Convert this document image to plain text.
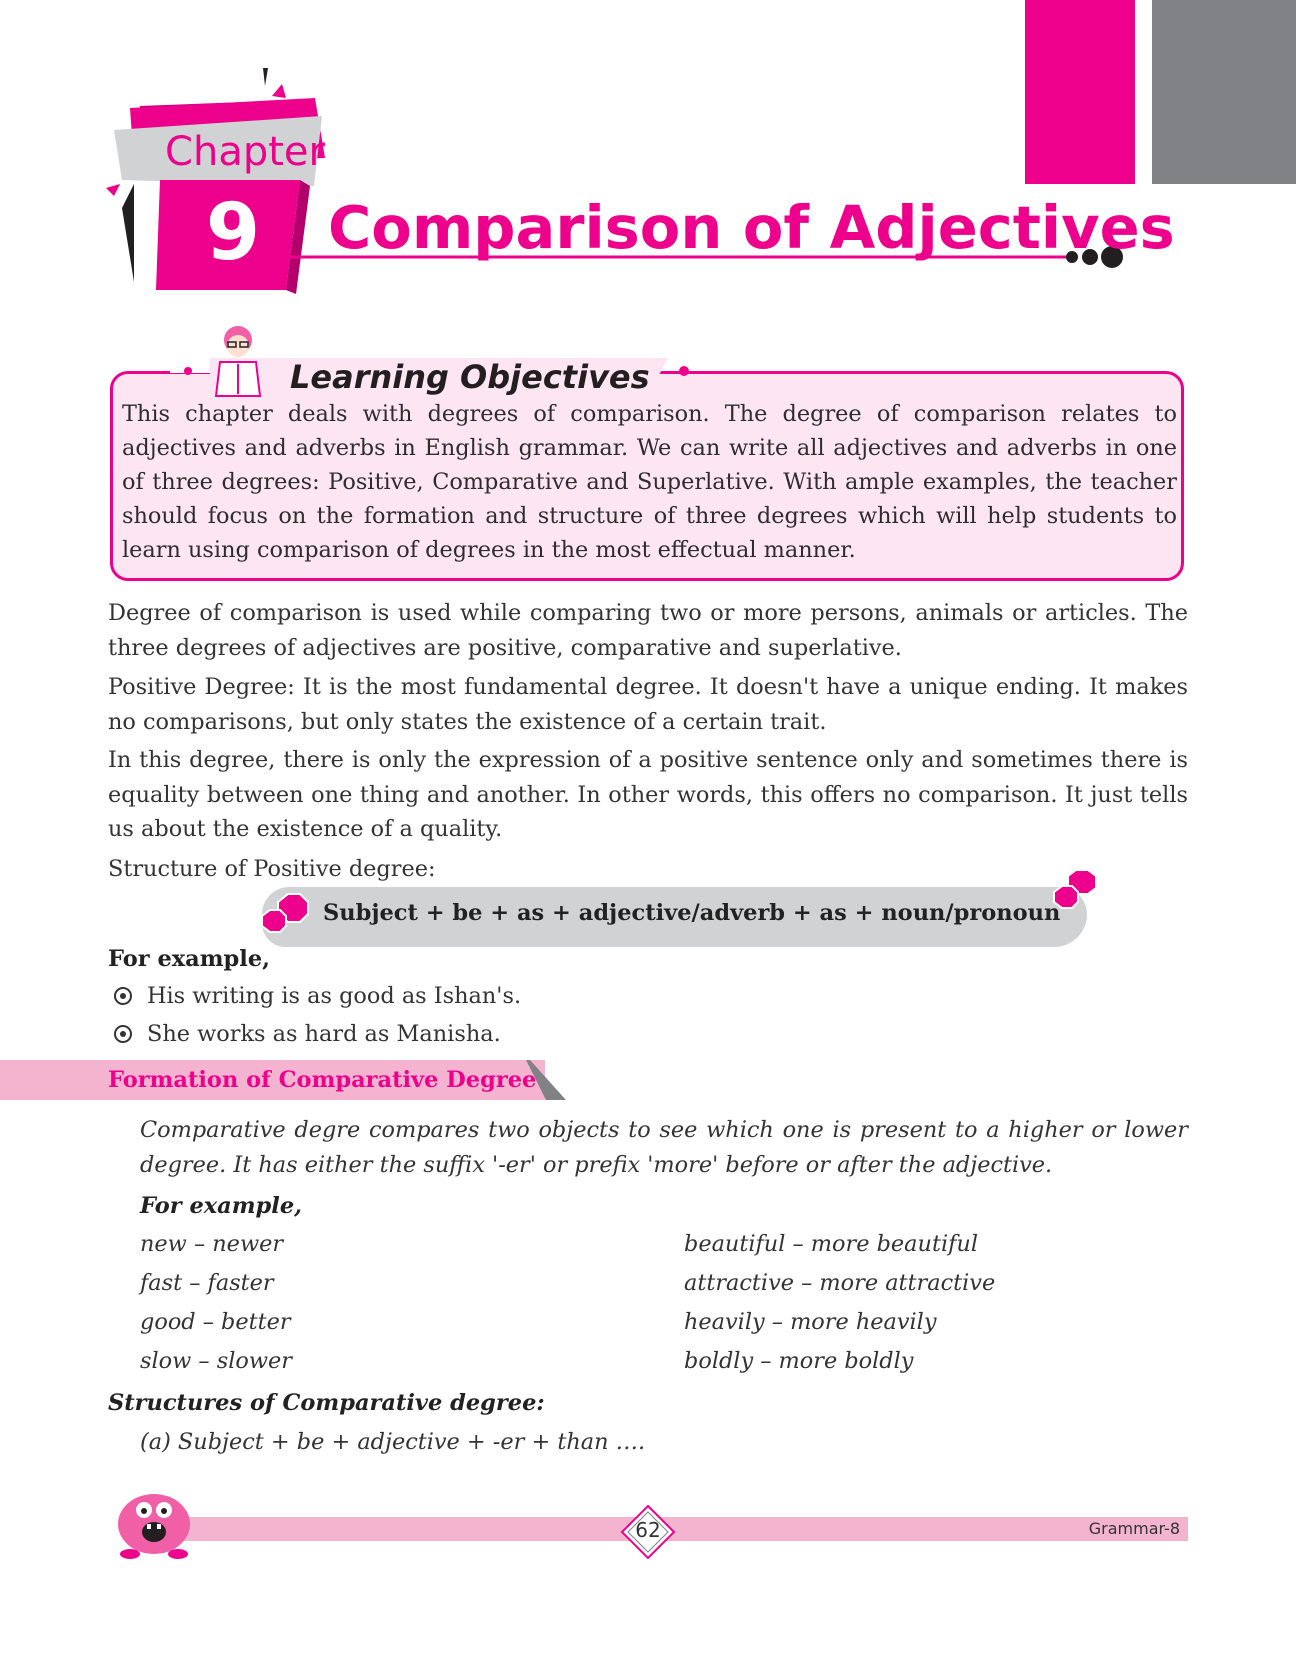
Chapter
9	Comparison of Adjectives
Learning Objectives

This chapter deals with degrees of comparison. The degree of comparison relates to adjectives and adverbs in English grammar. We can write all adjectives and adverbs in one of three degrees: Positive, Comparative and Superlative. With ample examples, the teacher should focus on the formation and structure of three degrees which will help students to learn using comparison of degrees in the most effectual manner.

Degree of comparison is used while comparing two or more persons, animals or articles. The three degrees of adjectives are positive, comparative and superlative.

Positive Degree: It is the most fundamental degree. It doesn't have a unique ending. It makes no comparisons, but only states the existence of a certain trait.

In this degree, there is only the expression of a positive sentence only and sometimes there is equality between one thing and another. In other words, this offers no comparison. It just tells us about the existence of a quality.

Structure of Positive degree:

Subject + be + as + adjective/adverb + as + noun/pronoun

For example,

His writing is as good as Ishan's.
She works as hard as Manisha.
Formation of Comparative Degree

Comparative degre compares two objects to see which one is present to a higher or lower degree. It has either the suffix '-er' or prefix 'more' before or after the adjective.

For example,

new – newer
fast – faster
good – better
slow – slower
beautiful – more beautiful
attractive – more attractive
heavily – more heavily
boldly – more boldly

Structures of Comparative degree:

(a) Subject + be + adjective + -er + than ….
62	Grammar-8
